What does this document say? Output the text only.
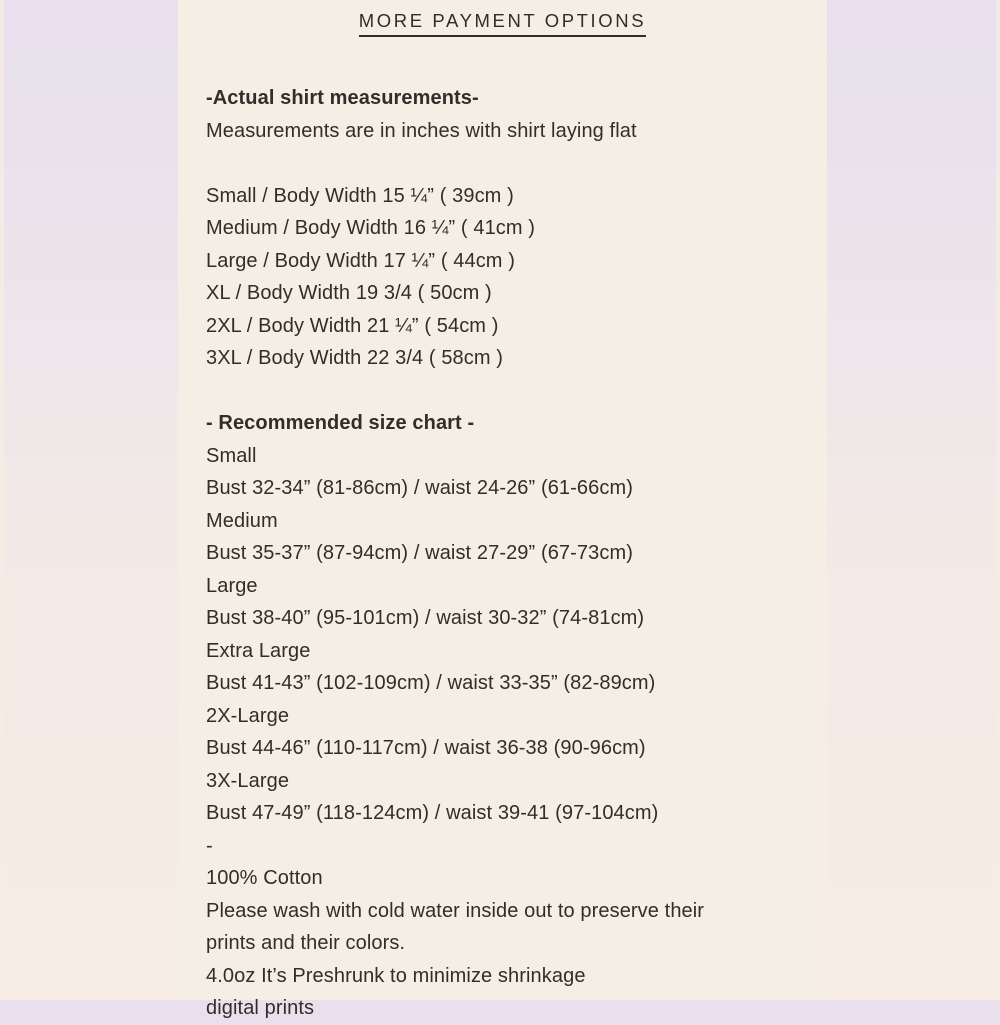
MORE PAYMENT OPTIONS

-Actual shirt measurements-

Measurements are in inches with shirt laying flat

Small / Body Width 15 ¼” ( 39cm )

Medium / Body Width 16 ¼” ( 41cm )

Large / Body Width 17 ¼” ( 44cm )

XL / Body Width 19 3/4 ( 50cm )

2XL / Body Width 21 ¼” ( 54cm )

3XL / Body Width 22 3/4 ( 58cm )

- Recommended size chart -

Small

Bust 32-34” (81-86cm) / waist 24-26” (61-66cm)

Medium

Bust 35-37” (87-94cm) / waist 27-29” (67-73cm)

Large

Bust 38-40” (95-101cm) / waist 30-32” (74-81cm)

Extra Large

Bust 41-43” (102-109cm) / waist 33-35” (82-89cm)

2X-Large

Bust 44-46” (110-117cm) / waist 36-38 (90-96cm)

3X-Large

Bust 47-49” (118-124cm) / waist 39-41 (97-104cm)

-

100% Cotton

Please wash with cold water inside out to preserve their

prints and their colors.

4.0oz It’s Preshrunk to minimize shrinkage

digital prints
